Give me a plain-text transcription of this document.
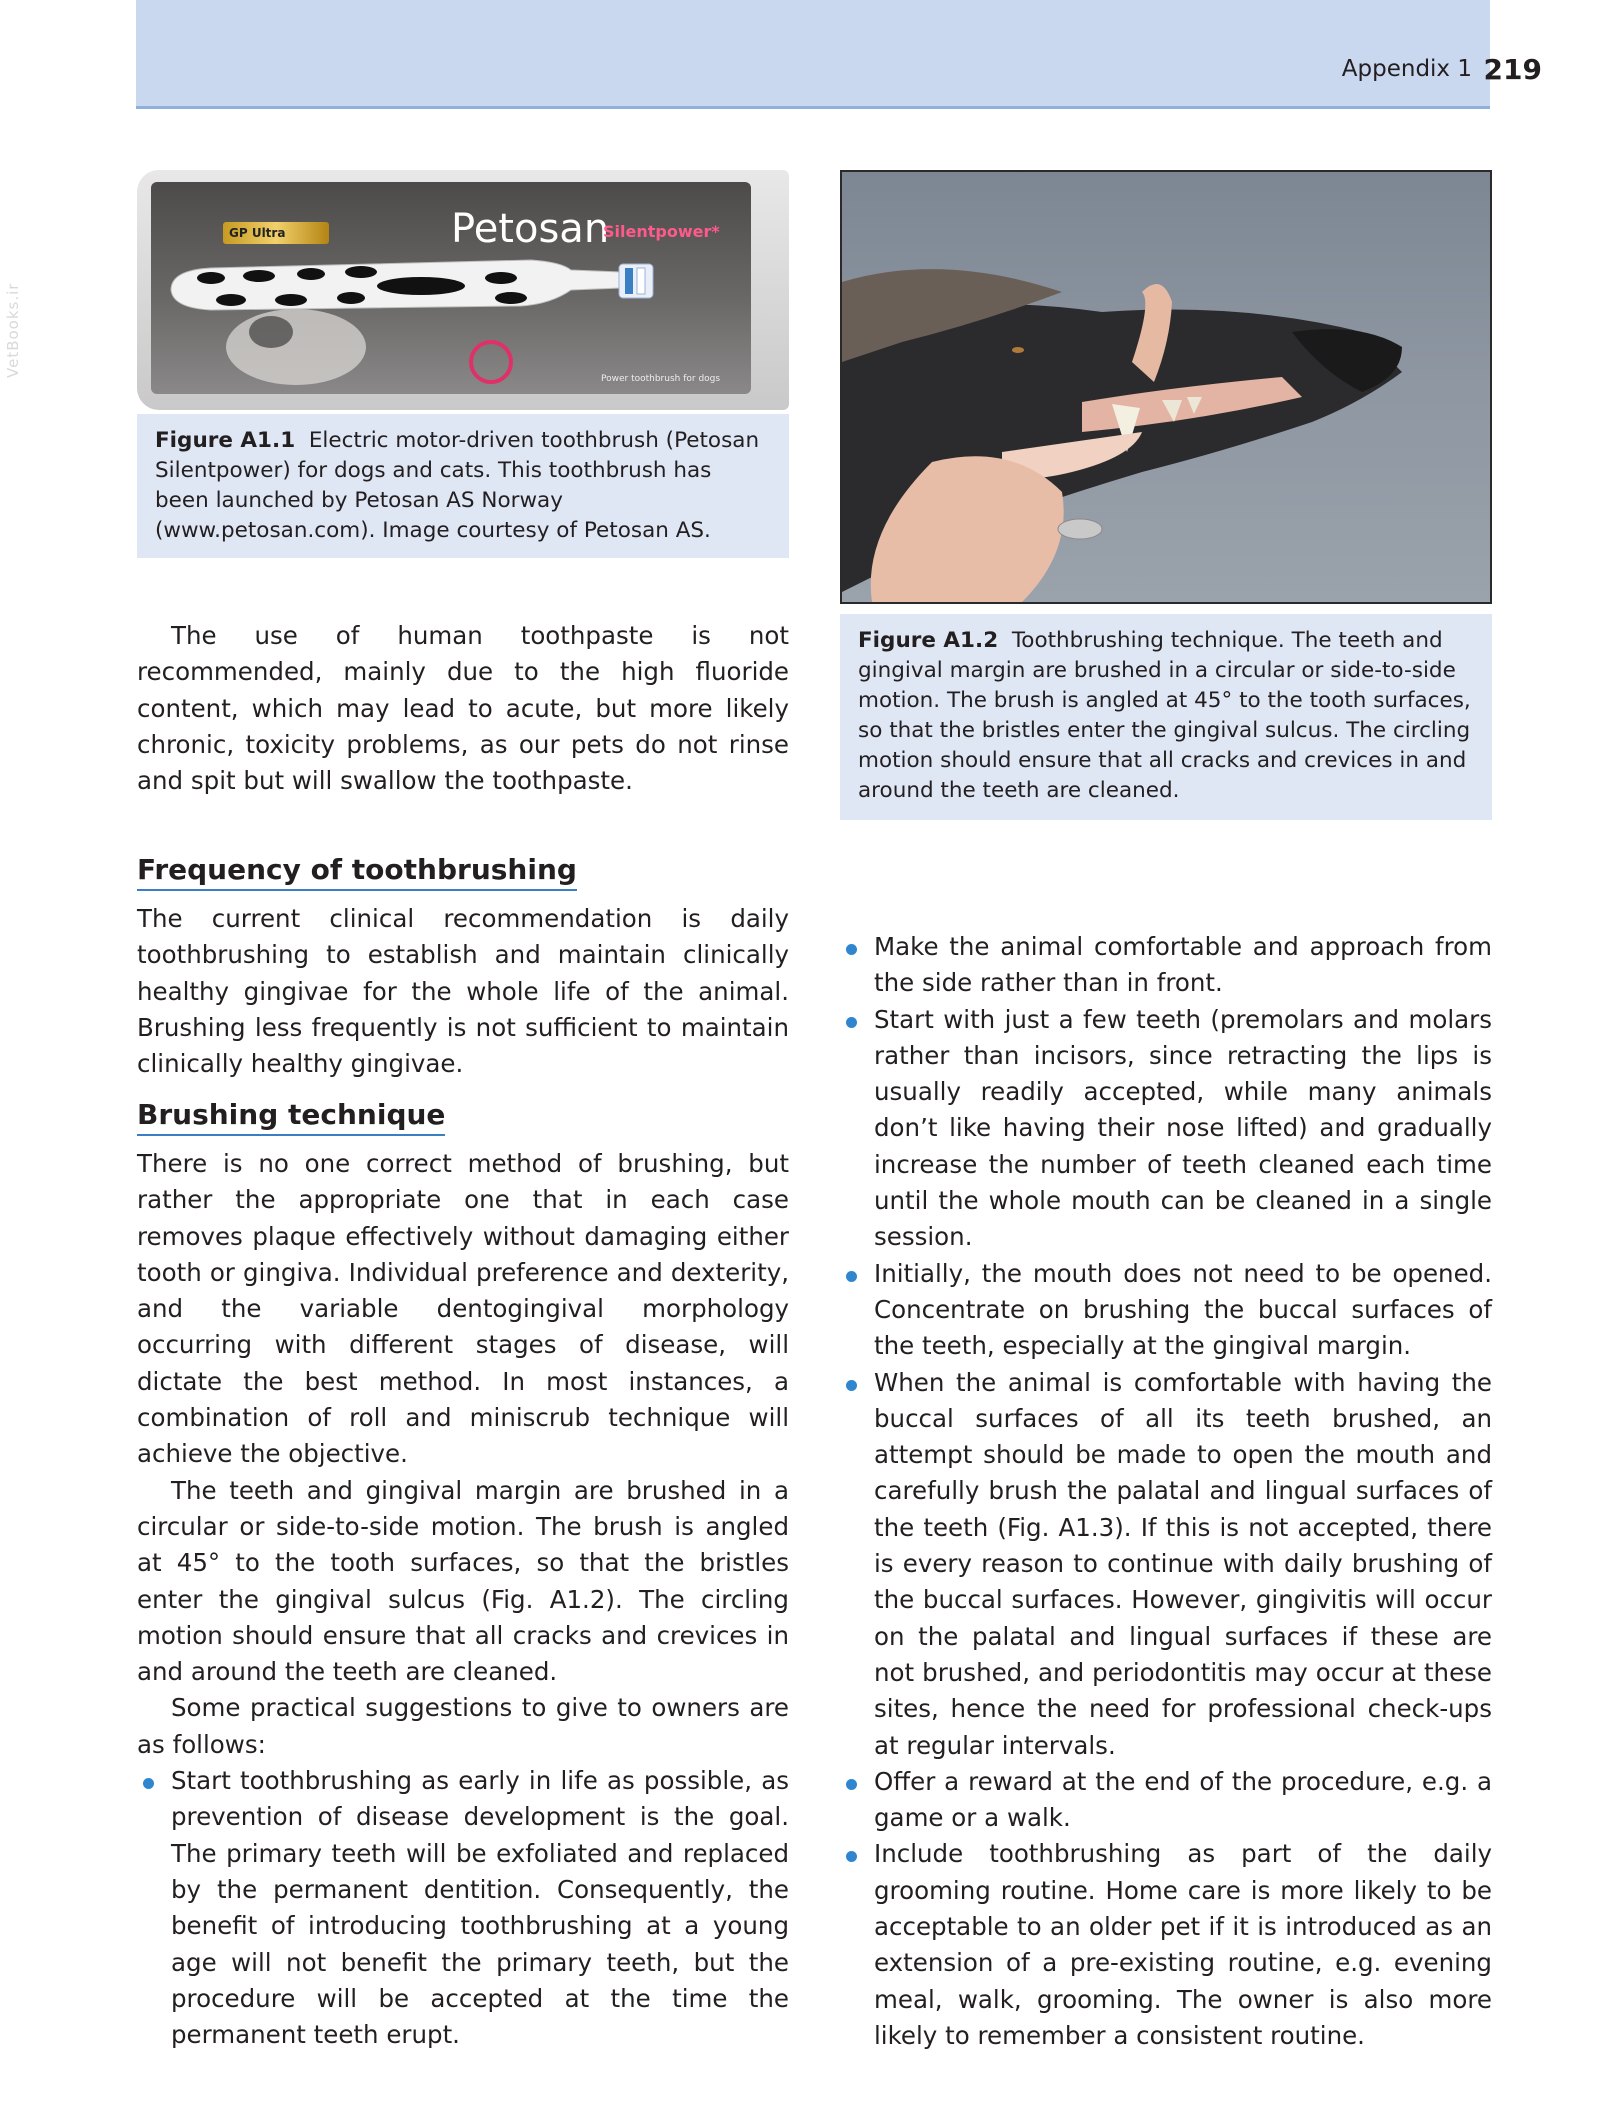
Appendix 1 219
VetBooks.ir
GP Ultra	Petosan
Silentpower*
Power toothbrush for dogs

Figure A1.1 Electric motor-driven toothbrush (Petosan Silentpower) for dogs and cats. This toothbrush has been launched by Petosan AS Norway (www.petosan.com). Image courtesy of Petosan AS.

Figure A1.2 Toothbrushing technique. The teeth and gingival margin are brushed in a circular or side-to-side motion. The brush is angled at 45° to the tooth surfaces, so that the bristles enter the gingival sulcus. The circling motion should ensure that all cracks and crevices in and around the teeth are cleaned.

The use of human toothpaste is not recommended, mainly due to the high fluoride content, which may lead to acute, but more likely chronic, toxicity problems, as our pets do not rinse and spit but will swallow the toothpaste.

Frequency of toothbrushing

The current clinical recommendation is daily toothbrushing to establish and maintain clinically healthy gingivae for the whole life of the animal. Brushing less frequently is not sufficient to maintain clinically healthy gingivae.

Brushing technique

There is no one correct method of brushing, but rather the appropriate one that in each case removes plaque effectively without damaging either tooth or gingiva. Individual preference and dexterity, and the variable dentogingival morphology occurring with different stages of disease, will dictate the best method. In most instances, a combination of roll and miniscrub technique will achieve the objective.

The teeth and gingival margin are brushed in a circular or side-to-side motion. The brush is angled at 45° to the tooth surfaces, so that the bristles enter the gingival sulcus (Fig. A1.2). The circling motion should ensure that all cracks and crevices in and around the teeth are cleaned.

Some practical suggestions to give to owners are as follows:

Start toothbrushing as early in life as possible, as prevention of disease development is the goal. The primary teeth will be exfoliated and replaced by the permanent dentition. Consequently, the benefit of introducing toothbrushing at a young age will not benefit the primary teeth, but the procedure will be accepted at the time the permanent teeth erupt.
Make the animal comfortable and approach from the side rather than in front.
Start with just a few teeth (premolars and molars rather than incisors, since retracting the lips is usually readily accepted, while many animals don’t like having their nose lifted) and gradually increase the number of teeth cleaned each time until the whole mouth can be cleaned in a single session.
Initially, the mouth does not need to be opened. Concentrate on brushing the buccal surfaces of the teeth, especially at the gingival margin.
When the animal is comfortable with having the buccal surfaces of all its teeth brushed, an attempt should be made to open the mouth and carefully brush the palatal and lingual surfaces of the teeth (Fig. A1.3). If this is not accepted, there is every reason to continue with daily brushing of the buccal surfaces. However, gingivitis will occur on the palatal and lingual surfaces if these are not brushed, and periodontitis may occur at these sites, hence the need for professional check-ups at regular intervals.
Offer a reward at the end of the procedure, e.g. a game or a walk.
Include toothbrushing as part of the daily grooming routine. Home care is more likely to be acceptable to an older pet if it is introduced as an extension of a pre-existing routine, e.g. evening meal, walk, grooming. The owner is also more likely to remember a consistent routine.
